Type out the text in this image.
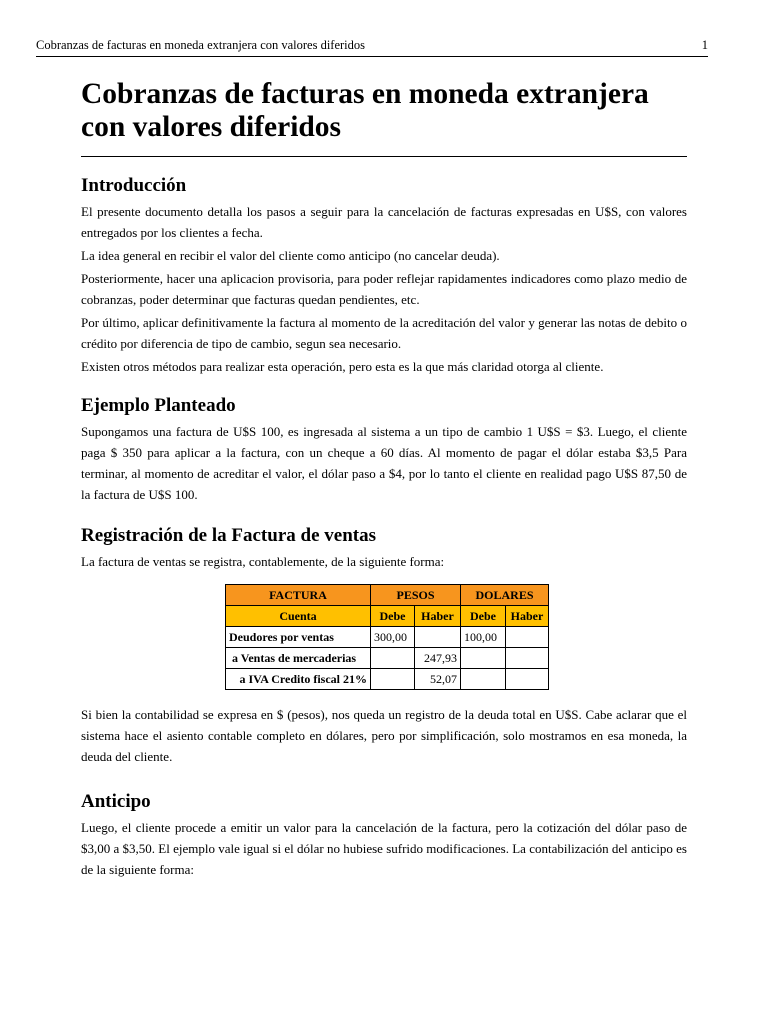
Cobranzas de facturas en moneda extranjera con valores diferidos	1
Cobranzas de facturas en moneda extranjera con valores diferidos
Introducción

El presente documento detalla los pasos a seguir para la cancelación de facturas expresadas en U$S, con valores entregados por los clientes a fecha.

La idea general en recibir el valor del cliente como anticipo (no cancelar deuda).

Posteriormente, hacer una aplicacion provisoria, para poder reflejar rapidamentes indicadores como plazo medio de cobranzas, poder determinar que facturas quedan pendientes, etc.

Por último, aplicar definitivamente la factura al momento de la acreditación del valor y generar las notas de debito o crédito por diferencia de tipo de cambio, segun sea necesario.

Existen otros métodos para realizar esta operación, pero esta es la que más claridad otorga al cliente.

Ejemplo Planteado

Supongamos una factura de U$S 100, es ingresada al sistema a un tipo de cambio 1 U$S = $3. Luego, el cliente paga $ 350 para aplicar a la factura, con un cheque a 60 días. Al momento de pagar el dólar estaba $3,5 Para terminar, al momento de acreditar el valor, el dólar paso a $4, por lo tanto el cliente en realidad pago U$S 87,50 de la factura de U$S 100.

Registración de la Factura de ventas

La factura de ventas se registra, contablemente, de la siguiente forma:

FACTURA	PESOS		DOLARES	
Cuenta	Debe	Haber	Debe	Haber
Deudores por ventas	300,00		100,00	
a Ventas de mercaderias		247,93		
a IVA Credito fiscal 21%		52,07		

Si bien la contabilidad se expresa en $ (pesos), nos queda un registro de la deuda total en U$S. Cabe aclarar que el sistema hace el asiento contable completo en dólares, pero por simplificación, solo mostramos en esa moneda, la deuda del cliente.

Anticipo

Luego, el cliente procede a emitir un valor para la cancelación de la factura, pero la cotización del dólar paso de $3,00 a $3,50. El ejemplo vale igual si el dólar no hubiese sufrido modificaciones. La contabilización del anticipo es de la siguiente forma:
